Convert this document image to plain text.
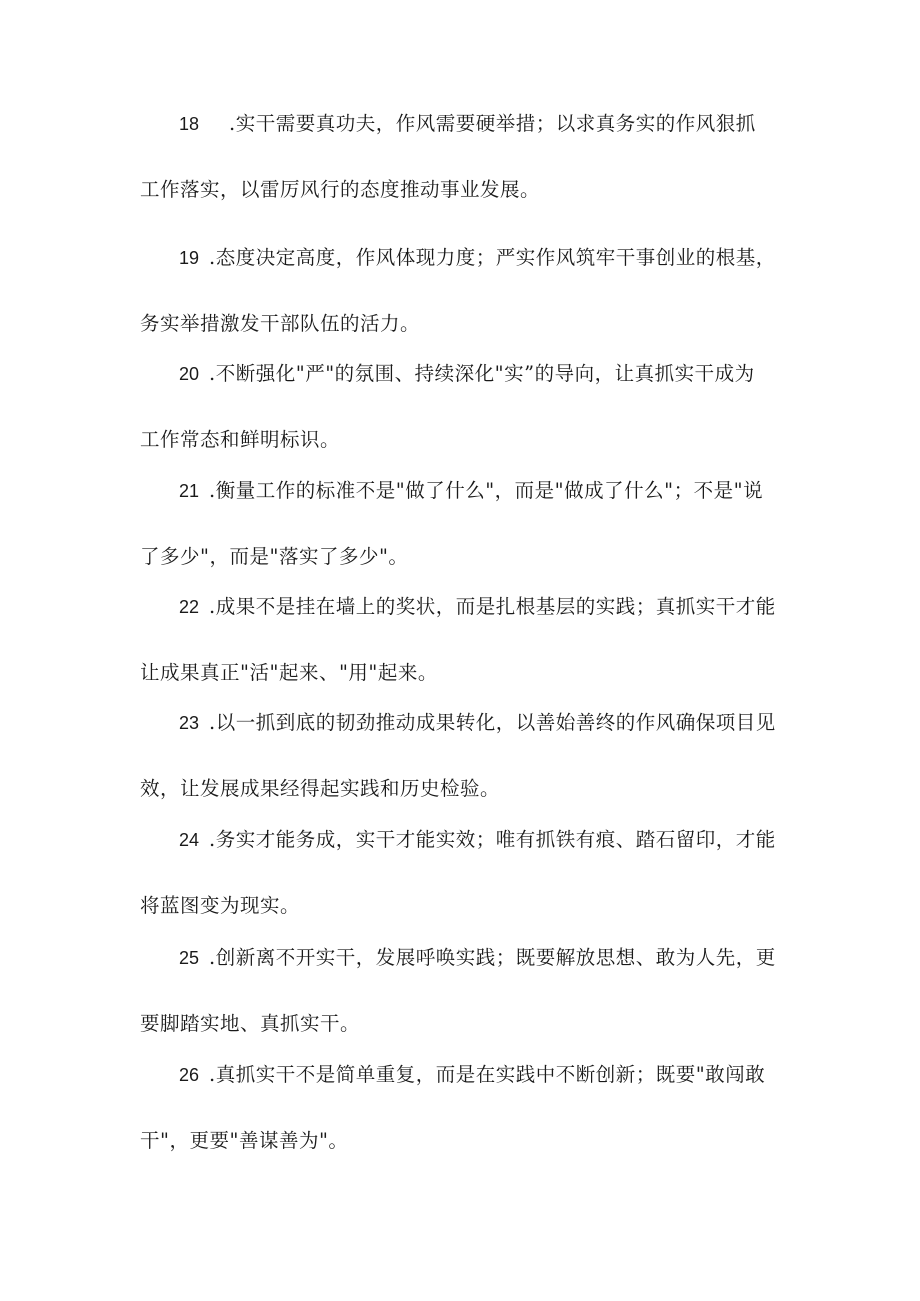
18 .实干需要真功夫，作风需要硬举措；以求真务实的作风狠抓
工作落实，以雷厉风行的态度推动事业发展。
19 .态度决定高度，作风体现力度；严实作风筑牢干事创业的根基，
务实举措激发干部队伍的活力。
20 .不断强化"严"的氛围、持续深化"实”的导向，让真抓实干成为
工作常态和鲜明标识。
21 .衡量工作的标准不是"做了什么"，而是"做成了什么"；不是"说
了多少"，而是"落实了多少"。
22 .成果不是挂在墙上的奖状，而是扎根基层的实践；真抓实干才能
让成果真正"活"起来、"用"起来。
23 .以一抓到底的韧劲推动成果转化，以善始善终的作风确保项目见
效，让发展成果经得起实践和历史检验。
24 .务实才能务成，实干才能实效；唯有抓铁有痕、踏石留印，才能
将蓝图变为现实。
25 .创新离不开实干，发展呼唤实践；既要解放思想、敢为人先，更
要脚踏实地、真抓实干。
26 .真抓实干不是简单重复，而是在实践中不断创新；既要"敢闯敢
干"，更要"善谋善为"。
